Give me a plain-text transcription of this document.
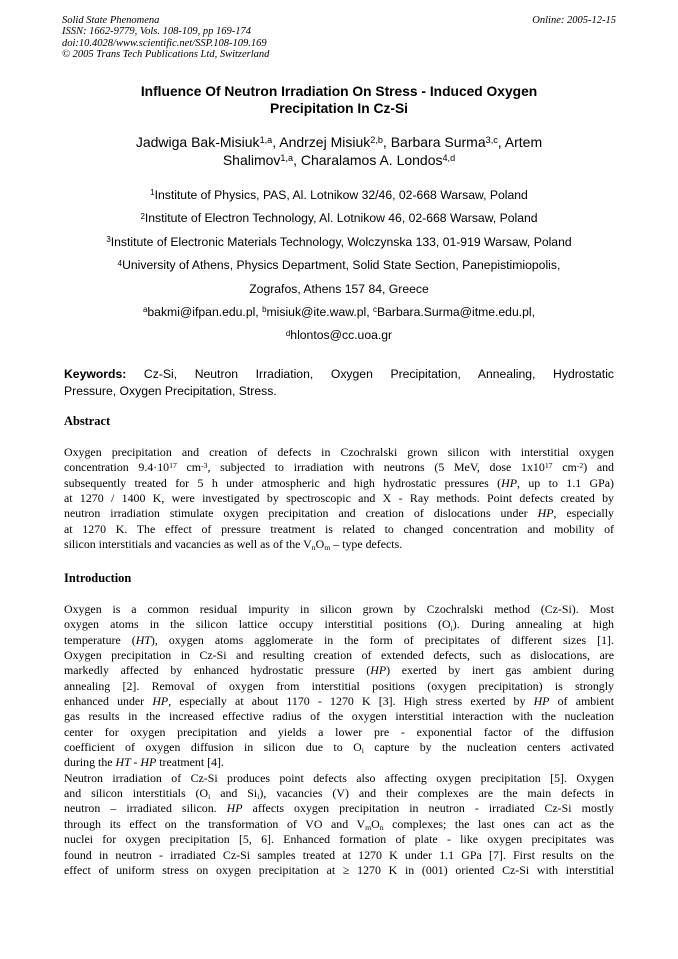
Solid State Phenomena
ISSN: 1662-9779, Vols. 108-109, pp 169-174
doi:10.4028/www.scientific.net/SSP.108-109.169
© 2005 Trans Tech Publications Ltd, Switzerland
Online: 2005-12-15
Influence Of Neutron Irradiation On Stress - Induced Oxygen
Precipitation In Cz-Si
Jadwiga Bak-Misiuk$^{1,a}$, Andrzej Misiuk$^{2,b}$, Barbara Surma$^{3,c}$, Artem
Shalimov$^{1,a}$, Charalamos A. Londos$^{4,d}$
$^1$Institute of Physics, PAS, Al. Lotnikow 32/46, 02-668 Warsaw, Poland
$^2$Institute of Electron Technology, Al. Lotnikow 46, 02-668 Warsaw, Poland
$^3$Institute of Electronic Materials Technology, Wolczynska 133, 01-919 Warsaw, Poland
$^4$University of Athens, Physics Department, Solid State Section, Panepistimiopolis,
Zografos, Athens 157 84, Greece
$^a$bakmi@ifpan.edu.pl, $^b$misiuk@ite.waw.pl, $^c$Barbara.Surma@itme.edu.pl,
$^d$hlontos@cc.uoa.gr
Keywords: Cz-Si, Neutron Irradiation, Oxygen Precipitation, Annealing, Hydrostatic
Pressure, Oxygen Precipitation, Stress.
Abstract
Oxygen precipitation and creation of defects in Czochralski grown silicon with interstitial oxygen
concentration $9.4\cdot 10^{17}$ $cm^{-3}$, subjected to irradiation with neutrons (5 MeV, dose $1x10^{17}$ $cm^{-2}$) and
subsequently treated for 5 h under atmospheric and high hydrostatic pressures (HP, up to 1.1 GPa)
at 1270 / 1400 K, were investigated by spectroscopic and X - Ray methods. Point defects created by
neutron irradiation stimulate oxygen precipitation and creation of dislocations under HP, especially
at 1270 K. The effect of pressure treatment is related to changed concentration and mobility of
silicon interstitials and vacancies as well as of the $V_nO_m$ – type defects.
Introduction
Oxygen is a common residual impurity in silicon grown by Czochralski method (Cz-Si). Most
oxygen atoms in the silicon lattice occupy interstitial positions $(O_i)$. During annealing at high
temperature (HT), oxygen atoms agglomerate in the form of precipitates of different sizes [1].
Oxygen precipitation in Cz-Si and resulting creation of extended defects, such as dislocations, are
markedly affected by enhanced hydrostatic pressure (HP) exerted by inert gas ambient during
annealing [2]. Removal of oxygen from interstitial positions (oxygen precipitation) is strongly
enhanced under HP, especially at about 1170 - 1270 K [3]. High stress exerted by HP of ambient
gas results in the increased effective radius of the oxygen interstitial interaction with the nucleation
center for oxygen precipitation and yields a lower pre - exponential factor of the diffusion
coefficient of oxygen diffusion in silicon due to $O_i$ capture by the nucleation centers activated
during the HT - HP treatment [4].
Neutron irradiation of Cz-Si produces point defects also affecting oxygen precipitation [5]. Oxygen
and silicon interstitials ($O_i$ and $Si_i$), vacancies (V) and their complexes are the main defects in
neutron – irradiated silicon. HP affects oxygen precipitation in neutron - irradiated Cz-Si mostly
through its effect on the transformation of VO and $V_mO_n$ complexes; the last ones can act as the
nuclei for oxygen precipitation [5, 6]. Enhanced formation of plate - like oxygen precipitates was
found in neutron - irradiated Cz-Si samples treated at 1270 K under 1.1 GPa [7]. First results on the
effect of uniform stress on oxygen precipitation at ≥ 1270 K in (001) oriented Cz-Si with interstitial
